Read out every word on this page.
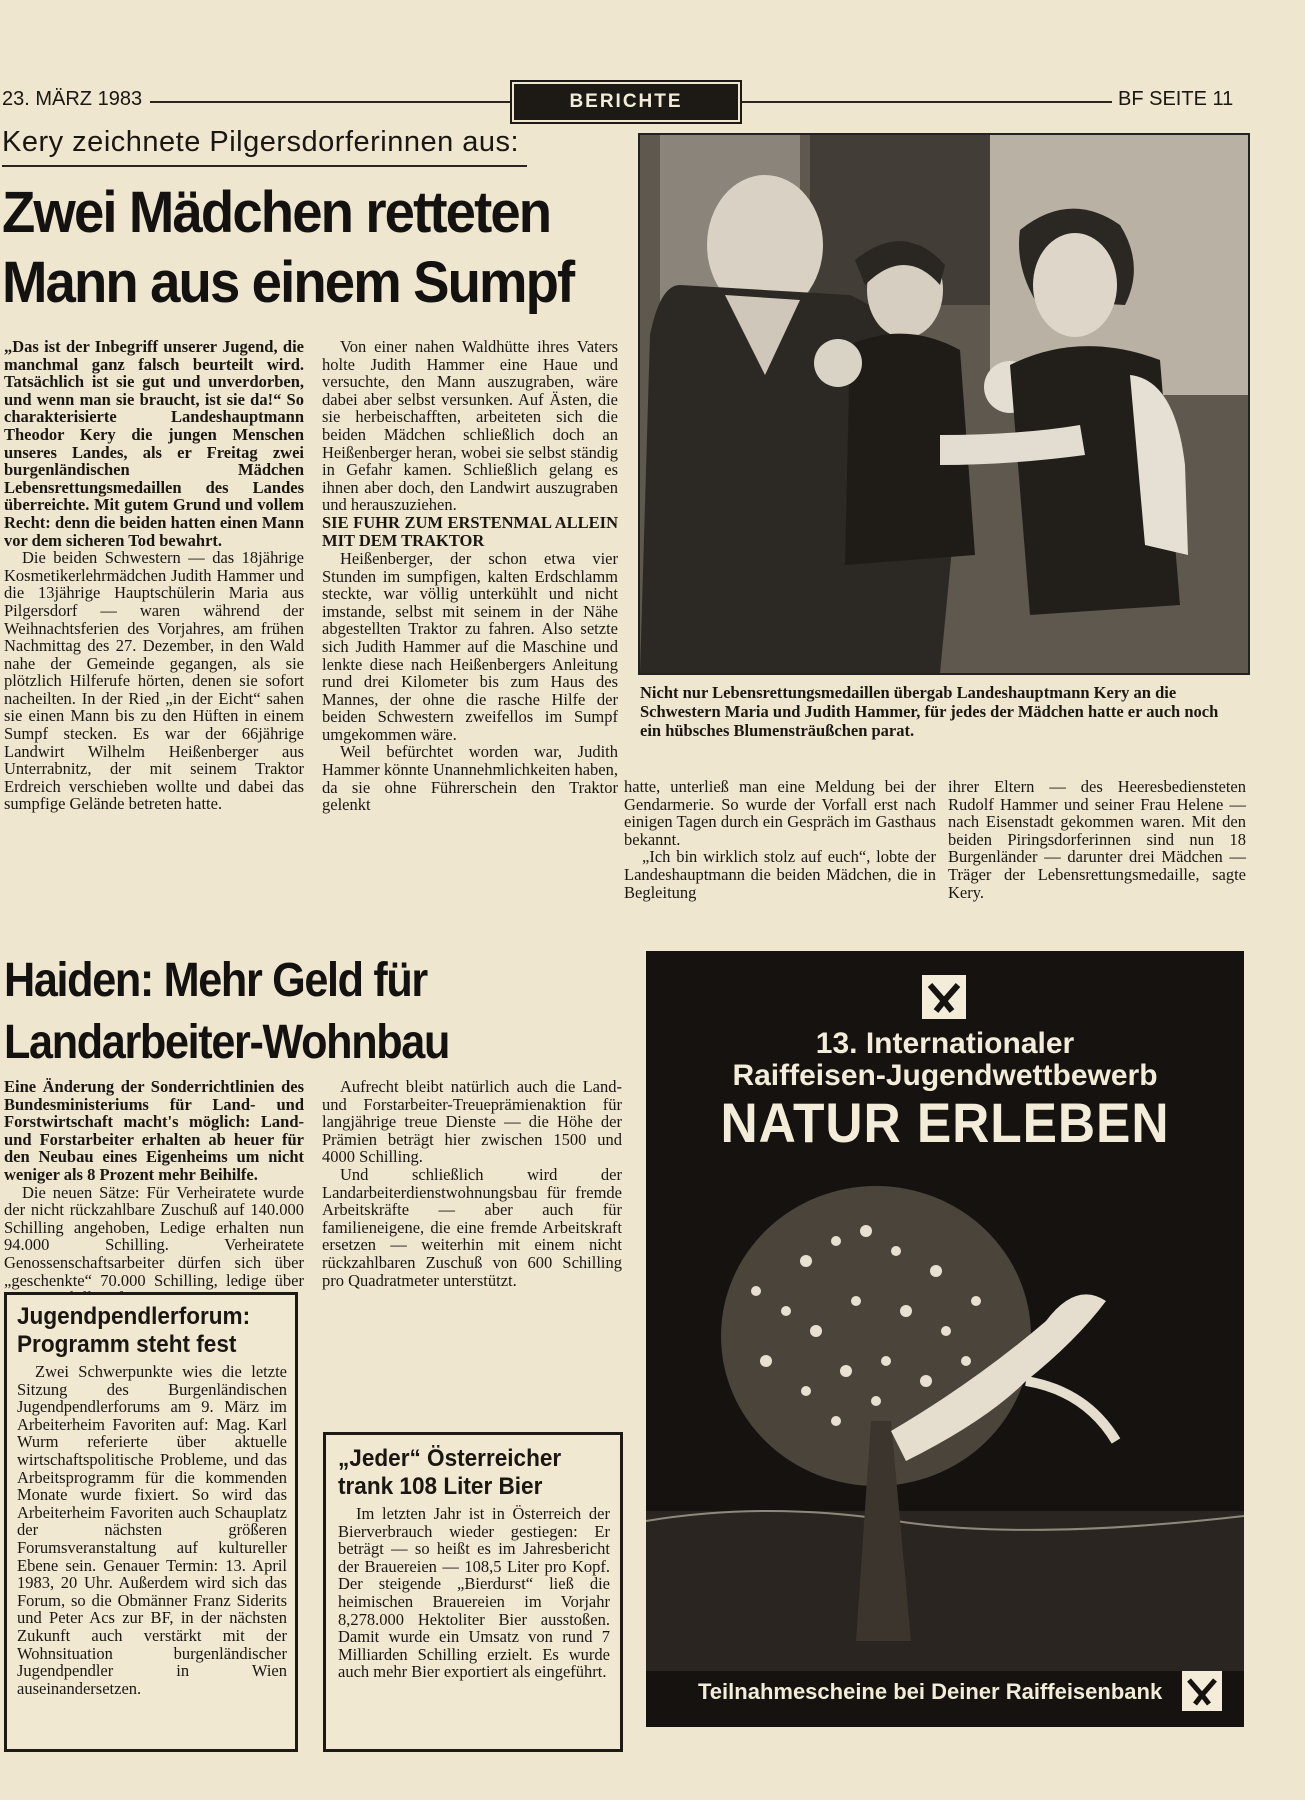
23. MÄRZ 1983	BERICHTE	BF SEITE 11
Kery zeichnete Pilgersdorferinnen aus:
Zwei Mädchen retteten
Mann aus einem Sumpf

„Das ist der Inbegriff unserer Jugend, die manchmal ganz falsch beurteilt wird. Tatsächlich ist sie gut und unverdorben, und wenn man sie braucht, ist sie da!“ So charakterisierte Landeshauptmann Theodor Kery die jungen Menschen unseres Landes, als er Freitag zwei burgenländischen Mädchen Lebensrettungsmedaillen des Landes überreichte. Mit gutem Grund und vollem Recht: denn die beiden hatten einen Mann vor dem sicheren Tod bewahrt.

Die beiden Schwestern — das 18jährige Kosmetikerlehrmädchen Judith Hammer und die 13jährige Hauptschülerin Maria aus Pilgersdorf — waren während der Weihnachtsferien des Vorjahres, am frühen Nachmittag des 27. Dezember, in den Wald nahe der Gemeinde gegangen, als sie plötzlich Hilferufe hörten, denen sie sofort nacheilten. In der Ried „in der Eicht“ sahen sie einen Mann bis zu den Hüften in einem Sumpf stecken. Es war der 66jährige Landwirt Wilhelm Heißenberger aus Unterrabnitz, der mit seinem Traktor Erdreich verschieben wollte und dabei das sumpfige Gelände betreten hatte.

Von einer nahen Waldhütte ihres Vaters holte Judith Hammer eine Haue und versuchte, den Mann auszugraben, wäre dabei aber selbst versunken. Auf Ästen, die sie herbeischafften, arbeiteten sich die beiden Mädchen schließlich doch an Heißenberger heran, wobei sie selbst ständig in Gefahr kamen. Schließlich gelang es ihnen aber doch, den Landwirt auszugraben und herauszuziehen.

SIE FUHR ZUM ERSTENMAL ALLEIN MIT DEM TRAKTOR

Heißenberger, der schon etwa vier Stunden im sumpfigen, kalten Erdschlamm steckte, war völlig unterkühlt und nicht imstande, selbst mit seinem in der Nähe abgestellten Traktor zu fahren. Also setzte sich Judith Hammer auf die Maschine und lenkte diese nach Heißenbergers Anleitung rund drei Kilometer bis zum Haus des Mannes, der ohne die rasche Hilfe der beiden Schwestern zweifellos im Sumpf umgekommen wäre.

Weil befürchtet worden war, Judith Hammer könnte Unannehmlichkeiten haben, da sie ohne Führerschein den Traktor gelenkt

Nicht nur Lebensrettungsmedaillen übergab Landeshauptmann Kery an die Schwestern Maria und Judith Hammer, für jedes der Mädchen hatte er auch noch ein hübsches Blumensträußchen parat.

hatte, unterließ man eine Meldung bei der Gendarmerie. So wurde der Vorfall erst nach einigen Tagen durch ein Gespräch im Gasthaus bekannt.

„Ich bin wirklich stolz auf euch“, lobte der Landeshauptmann die beiden Mädchen, die in Begleitung

ihrer Eltern — des Heeresbediensteten Rudolf Hammer und seiner Frau Helene — nach Eisenstadt gekommen waren. Mit den beiden Piringsdorferinnen sind nun 18 Burgenländer — darunter drei Mädchen — Träger der Lebensrettungsmedaille, sagte Kery.

Haiden: Mehr Geld für
Landarbeiter-Wohnbau

Eine Änderung der Sonderrichtlinien des Bundesministeriums für Land- und Forstwirtschaft macht's möglich: Land- und Forstarbeiter erhalten ab heuer für den Neubau eines Eigenheims um nicht weniger als 8 Prozent mehr Beihilfe.

Die neuen Sätze: Für Verheiratete wurde der nicht rückzahlbare Zuschuß auf 140.000 Schilling angehoben, Ledige erhalten nun 94.000 Schilling. Verheiratete Genossenschaftsarbeiter dürfen sich über „geschenkte“ 70.000 Schilling, ledige über

Aufrecht bleibt natürlich auch die Land- und Forstarbeiter-Treueprämienaktion für langjährige treue Dienste — die Höhe der Prämien beträgt hier zwischen 1500 und 4000 Schilling.

Und schließlich wird der Landarbeiterdienstwohnungsbau für fremde Arbeitskräfte — aber auch für familieneigene, die eine fremde Arbeitskraft ersetzen — weiterhin mit einem nicht rückzahlbaren Zuschuß von 600 Schilling pro Quadratmeter unterstützt.

Jugendpendlerforum:
Programm steht fest

Zwei Schwerpunkte wies die letzte Sitzung des Burgenländischen Jugendpendlerforums am 9. März im Arbeiterheim Favoriten auf: Mag. Karl Wurm referierte über aktuelle wirtschaftspolitische Probleme, und das Arbeitsprogramm für die kommenden Monate wurde fixiert. So wird das Arbeiterheim Favoriten auch Schauplatz der nächsten größeren Forumsveranstaltung auf kultureller Ebene sein. Genauer Termin: 13. April 1983, 20 Uhr. Außerdem wird sich das Forum, so die Obmänner Franz Siderits und Peter Acs zur BF, in der nächsten Zukunft auch verstärkt mit der Wohnsituation burgenländischer Jugendpendler in Wien auseinandersetzen.

„Jeder“ Österreicher
trank 108 Liter Bier

Im letzten Jahr ist in Österreich der Bierverbrauch wieder gestiegen: Er beträgt — so heißt es im Jahresbericht der Brauereien — 108,5 Liter pro Kopf. Der steigende „Bierdurst“ ließ die heimischen Brauereien im Vorjahr 8,278.000 Hektoliter Bier ausstoßen. Damit wurde ein Umsatz von rund 7 Milliarden Schilling erzielt. Es wurde auch mehr Bier exportiert als eingeführt.

13. Internationaler
Raiffeisen-Jugendwettbewerb
NATUR ERLEBEN
Teilnahmescheine bei Deiner Raiffeisenbank
